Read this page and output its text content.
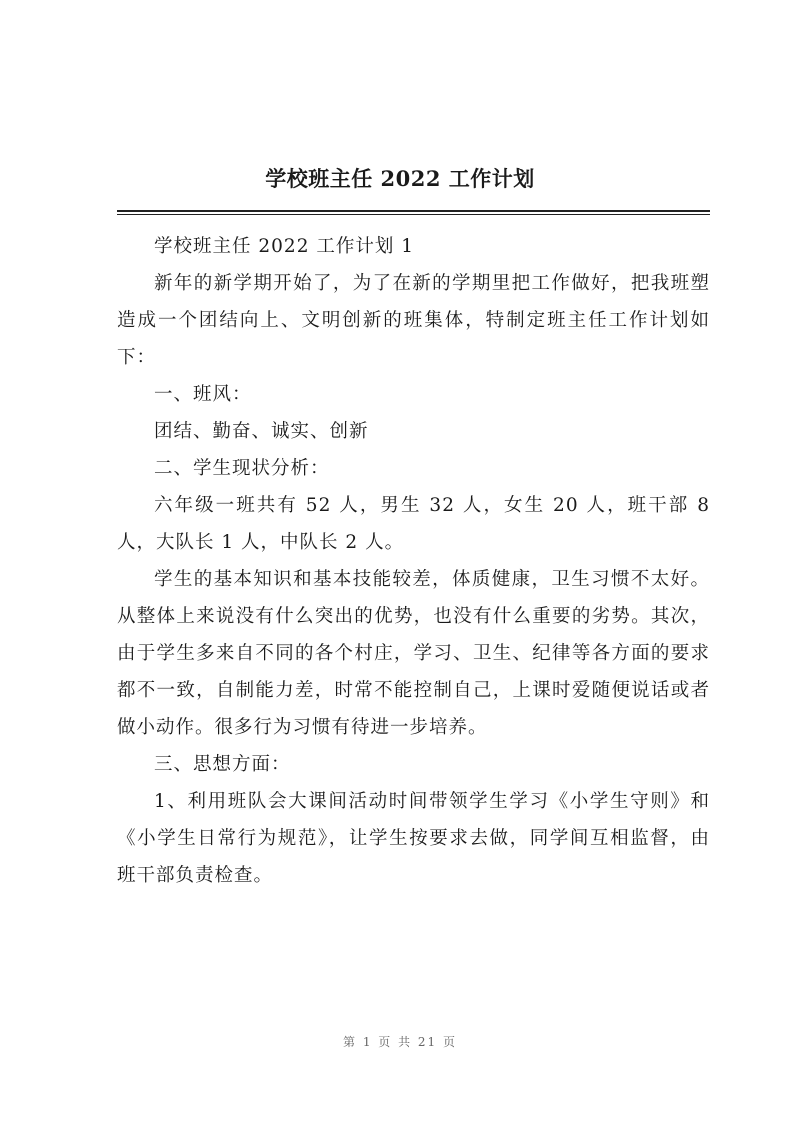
学校班主任 2022 工作计划

学校班主任 2022 工作计划 1

新年的新学期开始了，为了在新的学期里把工作做好，把我班塑造成一个团结向上、文明创新的班集体，特制定班主任工作计划如下：

一、班风：

团结、勤奋、诚实、创新

二、学生现状分析：

六年级一班共有 52 人，男生 32 人，女生 20 人，班干部 8 人，大队长 1 人，中队长 2 人。

学生的基本知识和基本技能较差，体质健康，卫生习惯不太好。从整体上来说没有什么突出的优势，也没有什么重要的劣势。其次，由于学生多来自不同的各个村庄，学习、卫生、纪律等各方面的要求都不一致，自制能力差，时常不能控制自己，上课时爱随便说话或者做小动作。很多行为习惯有待进一步培养。

三、思想方面：

1、利用班队会大课间活动时间带领学生学习《小学生守则》和《小学生日常行为规范》，让学生按要求去做，同学间互相监督，由班干部负责检查。

第 1 页 共 21 页
